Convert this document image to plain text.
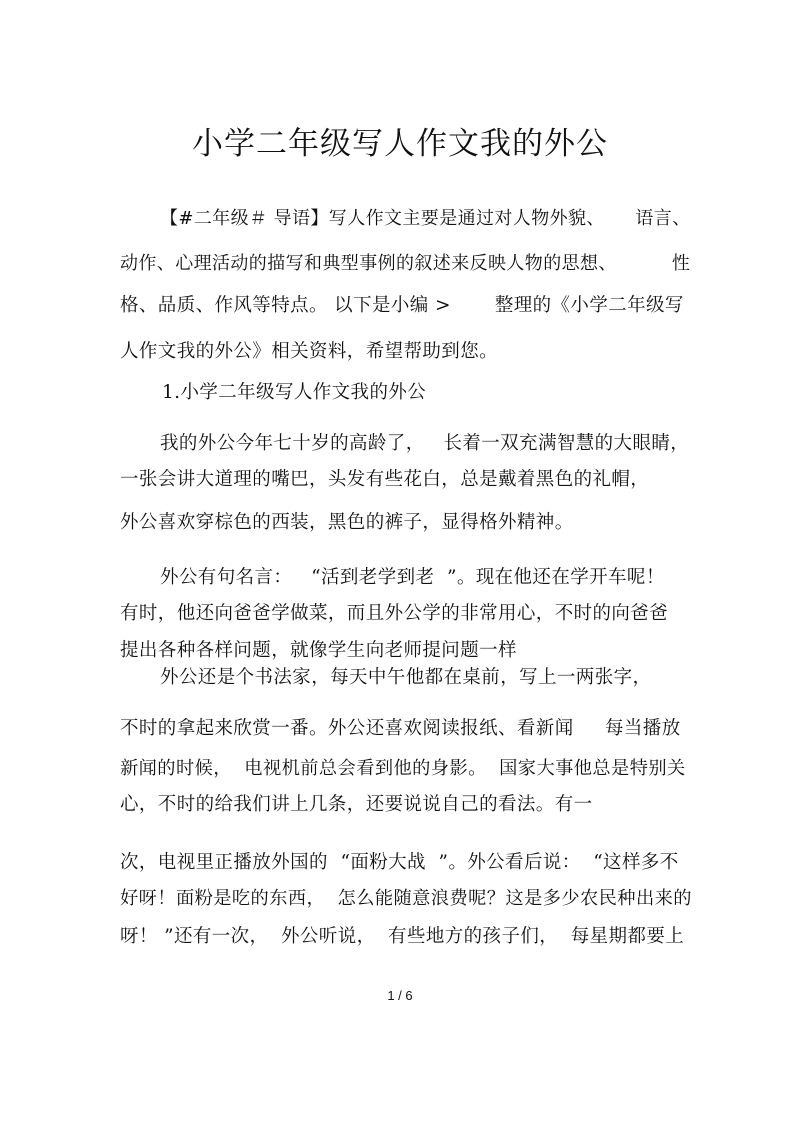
小学二年级写人作文我的外公
【#二年级＃ 导语】写人作文主要是通过对人物外貌、     语言、
动作、心理活动的描写和典型事例的叙述来反映人物的思想、         性
格、品质、作风等特点。 以下是小编 >       整理的《小学二年级写
人作文我的外公》相关资料，希望帮助到您。
1.小学二年级写人作文我的外公
我的外公今年七十岁的高龄了，   长着一双充满智慧的大眼睛，
一张会讲大道理的嘴巴，头发有些花白，总是戴着黑色的礼帽，
外公喜欢穿棕色的西装，黑色的裤子，显得格外精神。
外公有句名言：   “活到老学到老  ”。现在他还在学开车呢！
有时，他还向爸爸学做菜，而且外公学的非常用心，不时的向爸爸
提出各种各样问题，就像学生向老师提问题一样
外公还是个书法家，每天中午他都在桌前，写上一两张字，
不时的拿起来欣赏一番。外公还喜欢阅读报纸、看新闻     每当播放
新闻的时候，  电视机前总会看到他的身影。  国家大事他总是特别关
心，不时的给我们讲上几条，还要说说自己的看法。有一
次，电视里正播放外国的  “面粉大战  ”。外公看后说：  “这样多不
好呀！面粉是吃的东西，  怎么能随意浪费呢？这是多少农民种出来的
呀！ ”还有一次，  外公听说，  有些地方的孩子们，  每星期都要上
1 / 6
